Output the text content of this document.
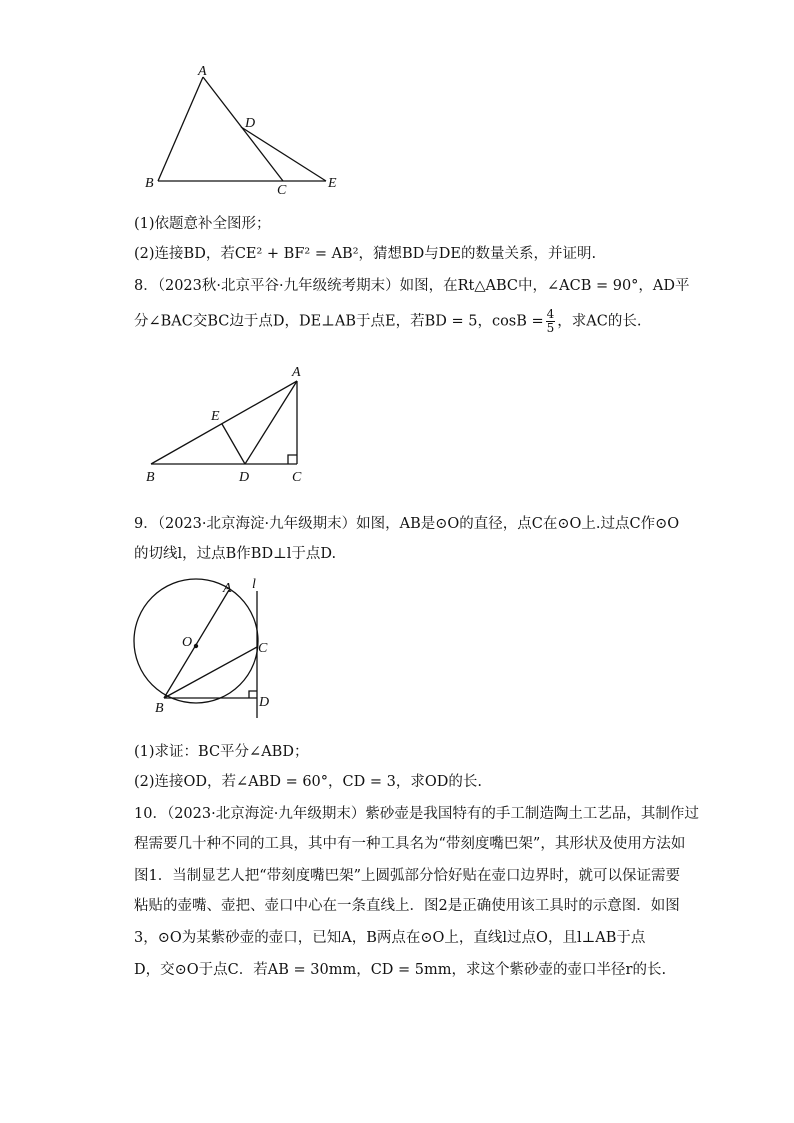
A
B	C
D
E
(1)依题意补全图形；
(2)连接BD，若CE² + BF² = AB²，猜想BD与DE的数量关系，并证明.
8．（2023秋·北京平谷·九年级统考期末）如图，在Rt△ABC中，∠ACB = 90°，AD平
分∠BAC交BC边于点D，DE⊥AB于点E，若BD = 5，$\cos B = \frac{4}{5}$ ，求AC的长.
A
E
B	D	C
9．（2023·北京海淀·九年级期末）如图，AB是⊙O的直径，点C在⊙O上.过点C作⊙O
的切线l，过点B作BD⊥l于点D.
l
A
O	C
B	D
(1)求证：BC平分∠ABD；
(2)连接OD，若∠ABD = 60°，CD = 3，求OD的长.
10．（2023·北京海淀·九年级期末）紫砂壶是我国特有的手工制造陶土工艺品，其制作过
程需要几十种不同的工具，其中有一种工具名为“带刻度嘴巴架”，其形状及使用方法如
图1．当制显艺人把“带刻度嘴巴架”上圆弧部分恰好贴在壶口边界时，就可以保证需要
粘贴的壶嘴、壶把、壶口中心在一条直线上．图2是正确使用该工具时的示意图．如图
3，⊙O为某紫砂壶的壶口，已知A，B两点在⊙O上，直线l过点O，且l⊥AB于点
D，交⊙O于点C．若AB = 30mm，CD = 5mm，求这个紫砂壶的壶口半径r的长.
